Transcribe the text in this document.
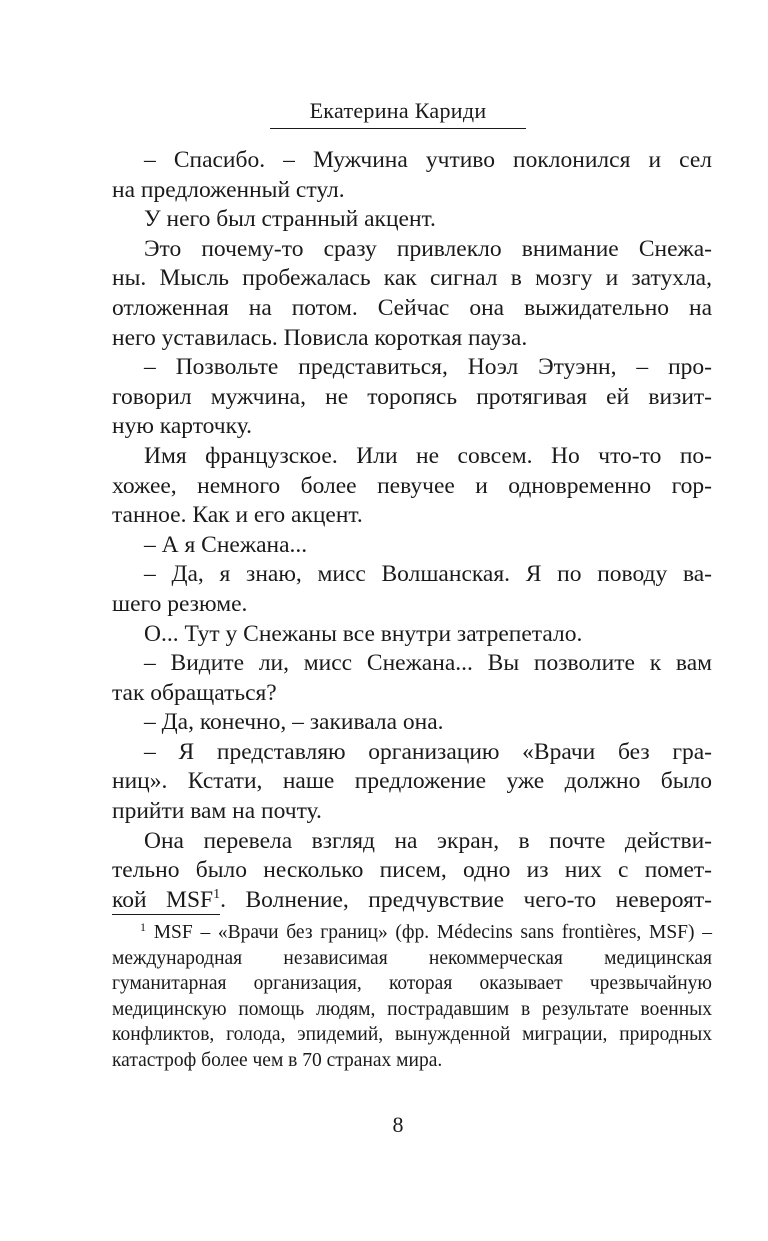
Екатерина Кариди

– Спасибо. – Мужчина учтиво поклонился и сел

на предложенный стул.

У него был странный акцент.

Это почему-то сразу привлекло внимание Снежа-

ны. Мысль пробежалась как сигнал в мозгу и затухла,

отложенная на потом. Сейчас она выжидательно на

него уставилась. Повисла короткая пауза.

– Позвольте представиться, Ноэл Этуэнн, – про-

говорил мужчина, не торопясь протягивая ей визит-

ную карточку.

Имя французское. Или не совсем. Но что-то по-

хожее, немного более певучее и одновременно гор-

танное. Как и его акцент.

– А я Снежана...

– Да, я знаю, мисс Волшанская. Я по поводу ва-

шего резюме.

О... Тут у Снежаны все внутри затрепетало.

– Видите ли, мисс Снежана... Вы позволите к вам

так обращаться?

– Да, конечно, – закивала она.

– Я представляю организацию «Врачи без гра-

ниц». Кстати, наше предложение уже должно было

прийти вам на почту.

Она перевела взгляд на экран, в почте действи-

тельно было несколько писем, одно из них с помет-

кой MSF$^1$. Волнение, предчувствие чего-то невероят-

$^1$ MSF – «Врачи без границ» (фр. Médecins sans frontières, MSF) – международная независимая некоммерческая медицинская гуманитарная организация, которая оказывает чрезвычайную медицинскую помощь людям, пострадавшим в результате военных конфликтов, голода, эпидемий, вынужденной миграции, природных катастроф более чем в 70 странах мира.

8
